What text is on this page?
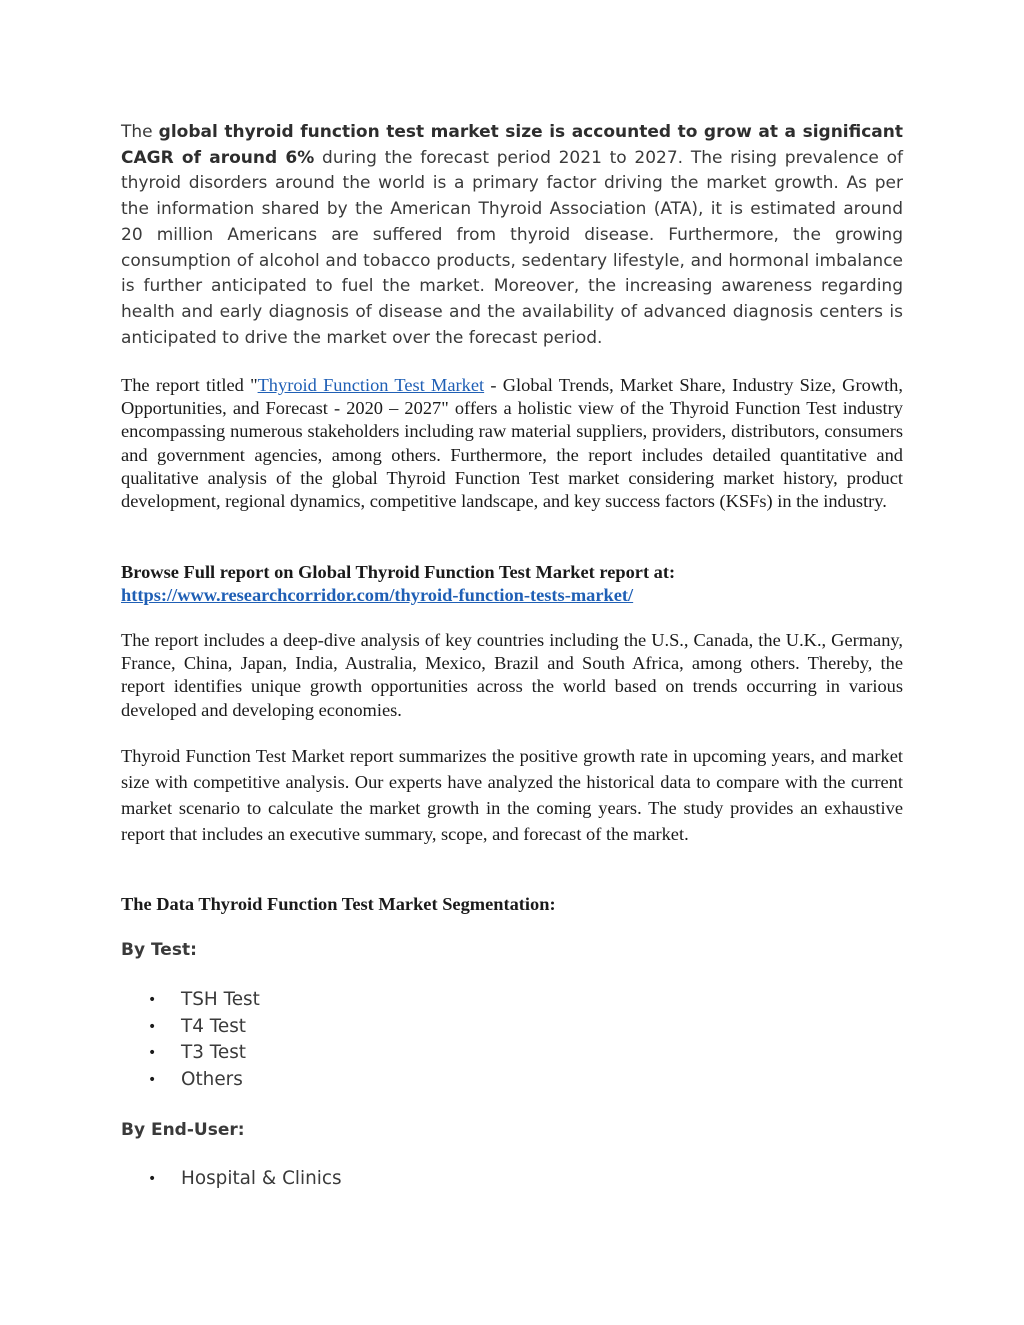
The global thyroid function test market size is accounted to grow at a significant CAGR of around 6% during the forecast period 2021 to 2027. The rising prevalence of thyroid disorders around the world is a primary factor driving the market growth. As per the information shared by the American Thyroid Association (ATA), it is estimated around 20 million Americans are suffered from thyroid disease. Furthermore, the growing consumption of alcohol and tobacco products, sedentary lifestyle, and hormonal imbalance is further anticipated to fuel the market. Moreover, the increasing awareness regarding health and early diagnosis of disease and the availability of advanced diagnosis centers is anticipated to drive the market over the forecast period.

The report titled "Thyroid Function Test Market - Global Trends, Market Share, Industry Size, Growth, Opportunities, and Forecast - 2020 – 2027" offers a holistic view of the Thyroid Function Test industry encompassing numerous stakeholders including raw material suppliers, providers, distributors, consumers and government agencies, among others. Furthermore, the report includes detailed quantitative and qualitative analysis of the global Thyroid Function Test market considering market history, product development, regional dynamics, competitive landscape, and key success factors (KSFs) in the industry.

Browse Full report on Global Thyroid Function Test Market report at:
https://www.researchcorridor.com/thyroid-function-tests-market/

The report includes a deep-dive analysis of key countries including the U.S., Canada, the U.K., Germany, France, China, Japan, India, Australia, Mexico, Brazil and South Africa, among others. Thereby, the report identifies unique growth opportunities across the world based on trends occurring in various developed and developing economies.

Thyroid Function Test Market report summarizes the positive growth rate in upcoming years, and market size with competitive analysis. Our experts have analyzed the historical data to compare with the current market scenario to calculate the market growth in the coming years. The study provides an exhaustive report that includes an executive summary, scope, and forecast of the market.

The Data Thyroid Function Test Market Segmentation:

By Test:

• TSH Test
• T4 Test
• T3 Test
• Others

By End-User:

• Hospital & Clinics
